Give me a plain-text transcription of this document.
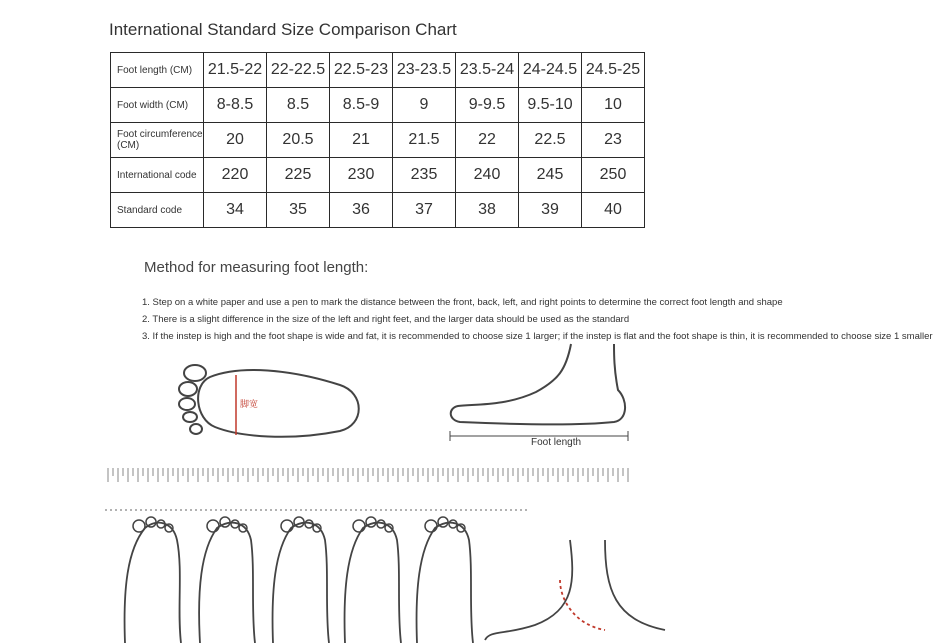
International Standard Size Comparison Chart
Foot length (CM)	21.5-22	22-22.5	22.5-23	23-23.5	23.5-24	24-24.5	24.5-25
Foot width (CM)	8-8.5	8.5	8.5-9	9	9-9.5	9.5-10	10
Foot circumference (CM)	20	20.5	21	21.5	22	22.5	23
International code	220	225	230	235	240	245	250
Standard code	34	35	36	37	38	39	40
Method for measuring foot length:
1. Step on a white paper and use a pen to mark the distance between the front, back, left, and right points to determine the correct foot length and shape
2. There is a slight difference in the size of the left and right feet, and the larger data should be used as the standard
3. If the instep is high and the foot shape is wide and fat, it is recommended to choose size 1 larger; if the instep is flat and the foot shape is thin, it is recommended to choose size 1 smaller
脚宽
Foot length
